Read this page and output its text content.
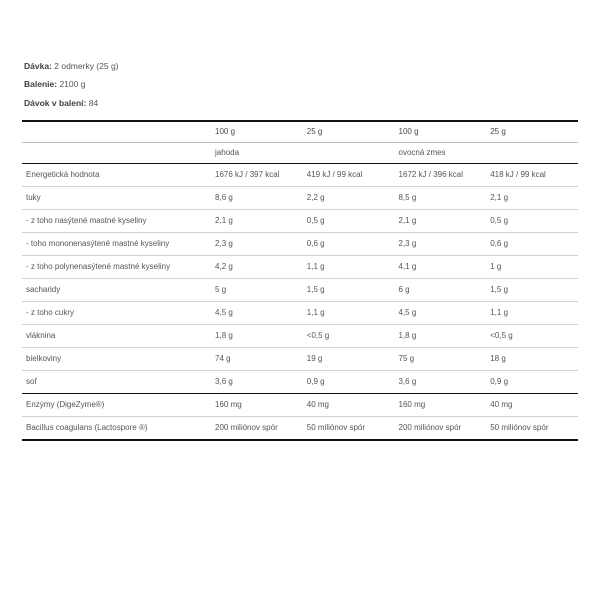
Dávka: 2 odmerky (25 g)
Balenie: 2100 g
Dávok v balení: 84
	100 g	25 g	100 g	25 g
	jahoda		ovocná zmes	
Energetická hodnota	1676 kJ / 397 kcal	419 kJ / 99 kcal	1672 kJ / 396 kcal	418 kJ / 99 kcal
tuky	8,6 g	2,2 g	8,5 g	2,1 g
- z toho nasýtené mastné kyseliny	2,1 g	0,5 g	2,1 g	0,5 g
- toho mononenasýtené mastné kyseliny	2,3 g	0,6 g	2,3 g	0,6 g
- z toho polynenasýtené mastné kyseliny	4,2 g	1,1 g	4,1 g	1 g
sacharidy	5 g	1,5 g	6 g	1,5 g
- z toho cukry	4,5 g	1,1 g	4,5 g	1,1 g
vláknina	1,8 g	<0,5 g	1,8 g	<0,5 g
bielkoviny	74 g	19 g	75 g	18 g
soľ	3,6 g	0,9 g	3,6 g	0,9 g
Enzýmy (DigeZyme®)	160 mg	40 mg	160 mg	40 mg
Bacillus coagulans (Lactospore ®)	200 miliónov spór	50 miliónov spór	200 miliónov spór	50 miliónov spór
